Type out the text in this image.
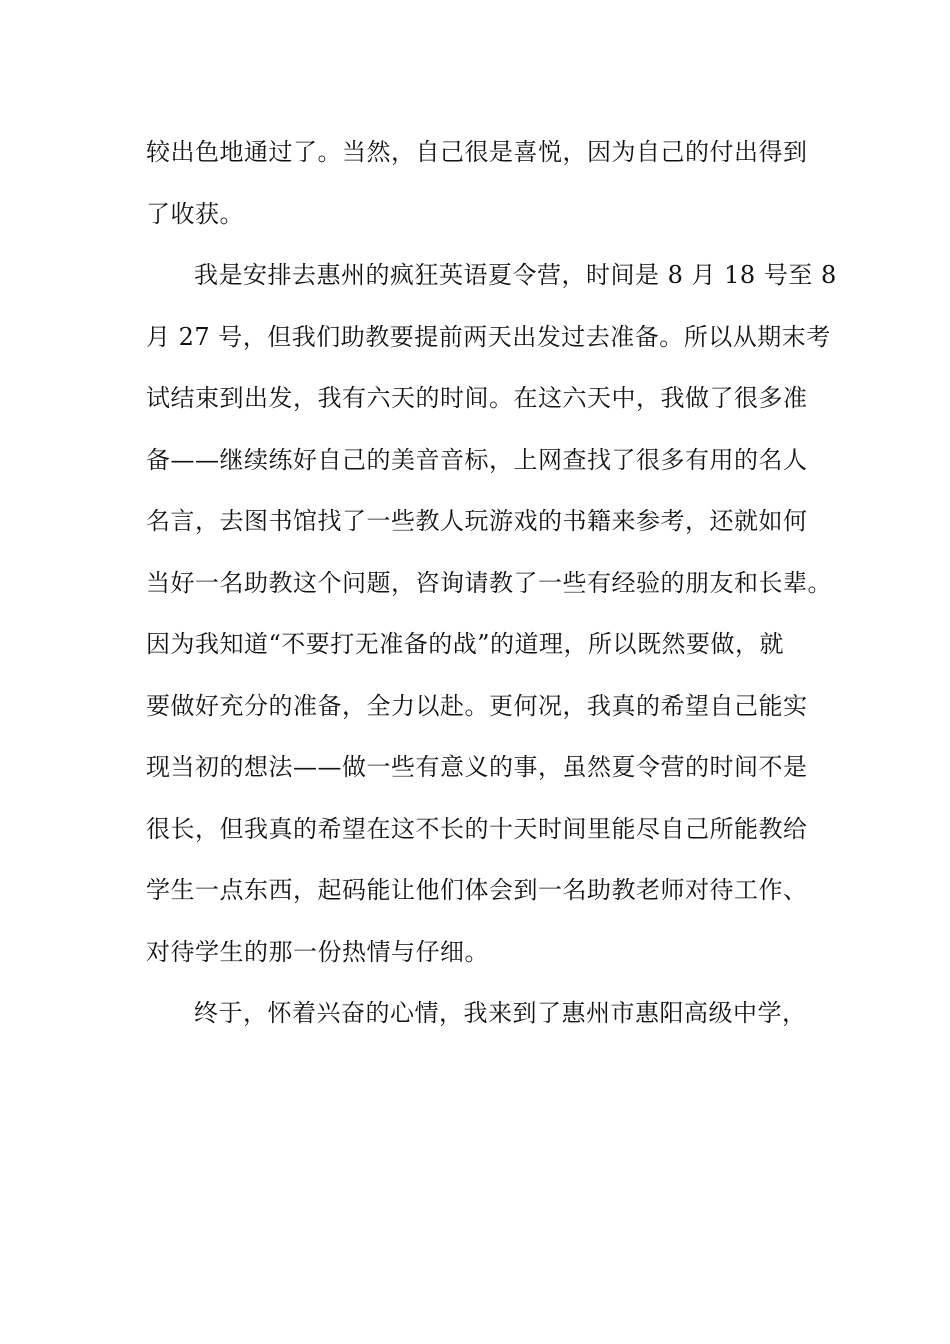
较出色地通过了。当然，自己很是喜悦，因为自己的付出得到
了收获。
我是安排去惠州的疯狂英语夏令营，时间是 8 月 18 号至 8
月 27 号，但我们助教要提前两天出发过去准备。所以从期末考
试结束到出发，我有六天的时间。在这六天中，我做了很多准
备——继续练好自己的美音音标，上网查找了很多有用的名人
名言，去图书馆找了一些教人玩游戏的书籍来参考，还就如何
当好一名助教这个问题，咨询请教了一些有经验的朋友和长辈。
因为我知道“不要打无准备的战”的道理，所以既然要做，就
要做好充分的准备，全力以赴。更何况，我真的希望自己能实
现当初的想法——做一些有意义的事，虽然夏令营的时间不是
很长，但我真的希望在这不长的十天时间里能尽自己所能教给
学生一点东西，起码能让他们体会到一名助教老师对待工作、
对待学生的那一份热情与仔细。
终于，怀着兴奋的心情，我来到了惠州市惠阳高级中学，
